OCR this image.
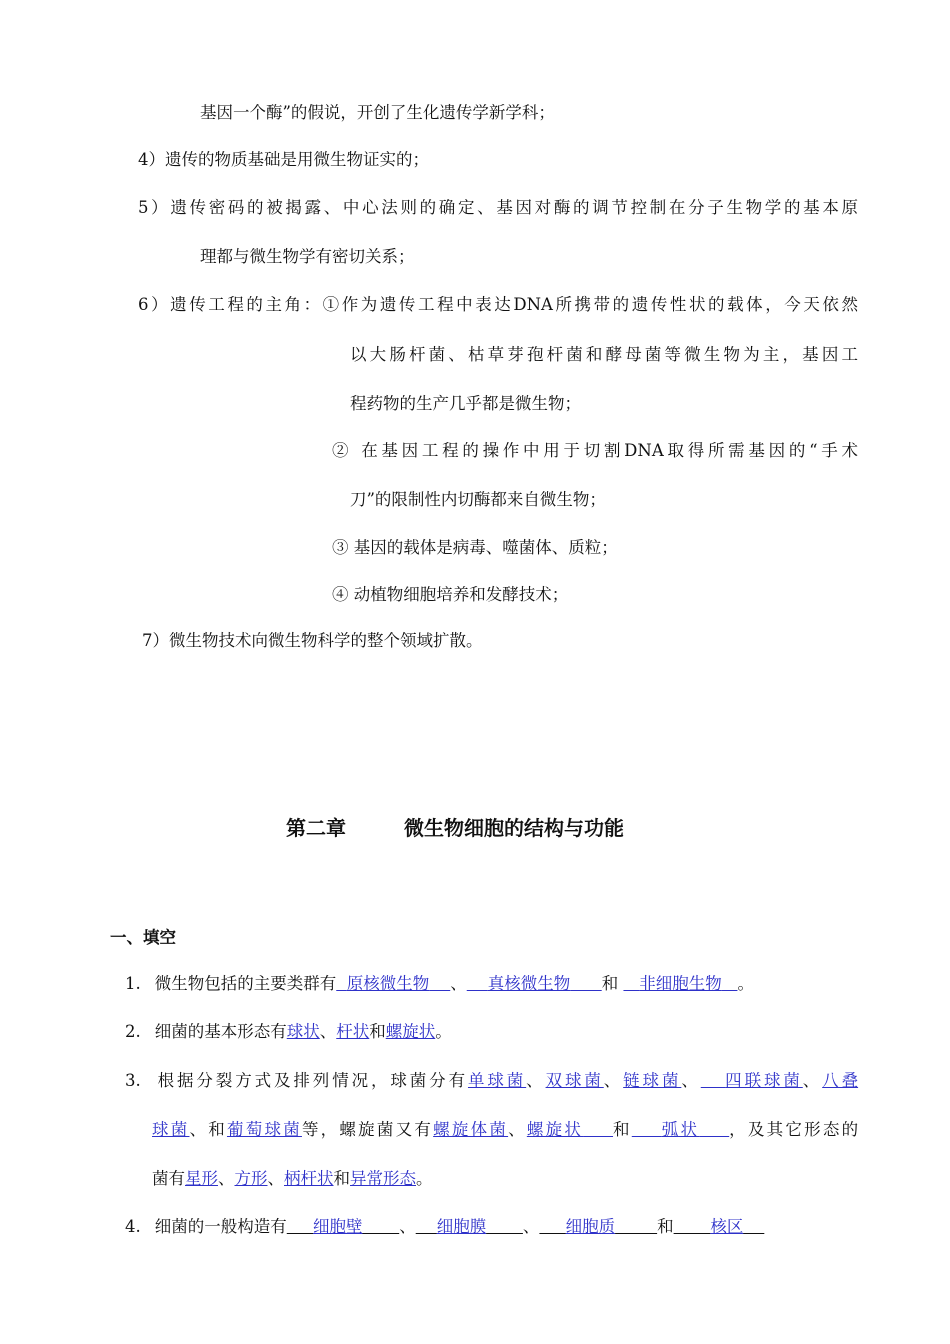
基因一个酶”的假说，开创了生化遗传学新学科；
4）遗传的物质基础是用微生物证实的；
5）遗传密码的被揭露、中心法则的确定、基因对酶的调节控制在分子生物学的基本原
理都与微生物学有密切关系；
6）遗传工程的主角：①作为遗传工程中表达DNA所携带的遗传性状的载体，今天依然
以大肠杆菌、枯草芽孢杆菌和酵母菌等微生物为主，基因工
程药物的生产几乎都是微生物；
② 在基因工程的操作中用于切割DNA取得所需基因的“手术
刀”的限制性内切酶都来自微生物；
③ 基因的载体是病毒、噬菌体、质粒；
④ 动植物细胞培养和发酵技术；
7）微生物技术向微生物科学的整个领域扩散。
第二章	微生物细胞的结构与功能
一、填空
1. 微生物包括的主要类群有 原核微生物 、 真核微生物 和 非细胞生物 。
2. 细菌的基本形态有球状、杆状和螺旋状。
3. 根据分裂方式及排列情况，球菌分有单球菌、双球菌、链球菌、 四联球菌、八叠
球菌、和葡萄球菌等，螺旋菌又有螺旋体菌、螺旋状 和 弧状 ，及其它形态的
菌有星形、方形、柄杆状和异常形态。
4. 细菌的一般构造有 细胞壁 、 细胞膜 、 细胞质	和 核区
